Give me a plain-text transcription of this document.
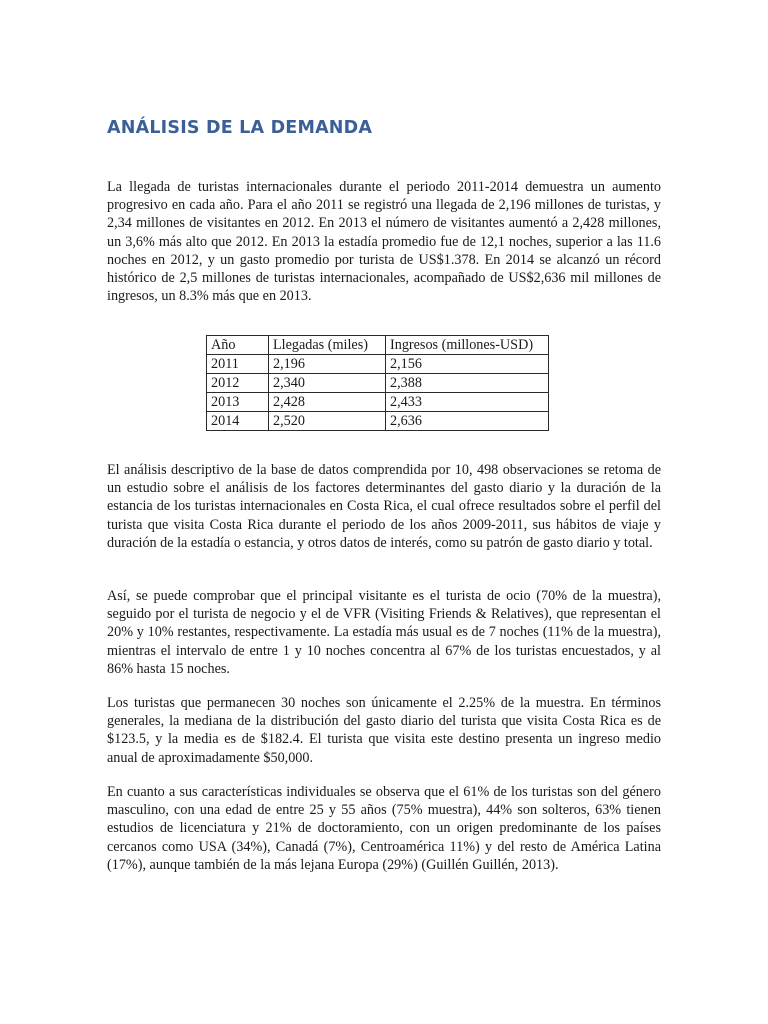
ANÁLISIS DE LA DEMANDA

La llegada de turistas internacionales durante el periodo 2011-2014 demuestra un aumento progresivo en cada año. Para el año 2011 se registró una llegada de 2,196 millones de turistas, y 2,34 millones de visitantes en 2012. En 2013 el número de visitantes aumentó a 2,428 millones, un 3,6% más alto que 2012. En 2013 la estadía promedio fue de 12,1 noches, superior a las 11.6 noches en 2012, y un gasto promedio por turista de US$1.378. En 2014 se alcanzó un récord histórico de 2,5 millones de turistas internacionales, acompañado de US$2,636 mil millones de ingresos, un 8.3% más que en 2013.

Año	Llegadas (miles)	Ingresos (millones-USD)
2011	2,196	2,156
2012	2,340	2,388
2013	2,428	2,433
2014	2,520	2,636

El análisis descriptivo de la base de datos comprendida por 10, 498 observaciones se retoma de un estudio sobre el análisis de los factores determinantes del gasto diario y la duración de la estancia de los turistas internacionales en Costa Rica, el cual ofrece resultados sobre el perfil del turista que visita Costa Rica durante el periodo de los años 2009-2011, sus hábitos de viaje y duración de la estadía o estancia, y otros datos de interés, como su patrón de gasto diario y total.

Así, se puede comprobar que el principal visitante es el turista de ocio (70% de la muestra), seguido por el turista de negocio y el de VFR (Visiting Friends & Relatives), que representan el 20% y 10% restantes, respectivamente. La estadía más usual es de 7 noches (11% de la muestra), mientras el intervalo de entre 1 y 10 noches concentra al 67% de los turistas encuestados, y al 86% hasta 15 noches.

Los turistas que permanecen 30 noches son únicamente el 2.25% de la muestra. En términos generales, la mediana de la distribución del gasto diario del turista que visita Costa Rica es de $123.5, y la media es de $182.4. El turista que visita este destino presenta un ingreso medio anual de aproximadamente $50,000.

En cuanto a sus características individuales se observa que el 61% de los turistas son del género masculino, con una edad de entre 25 y 55 años (75% muestra), 44% son solteros, 63% tienen estudios de licenciatura y 21% de doctoramiento, con un origen predominante de los países cercanos como USA (34%), Canadá (7%), Centroamérica 11%) y del resto de América Latina (17%), aunque también de la más lejana Europa (29%) (Guillén Guillén, 2013).
